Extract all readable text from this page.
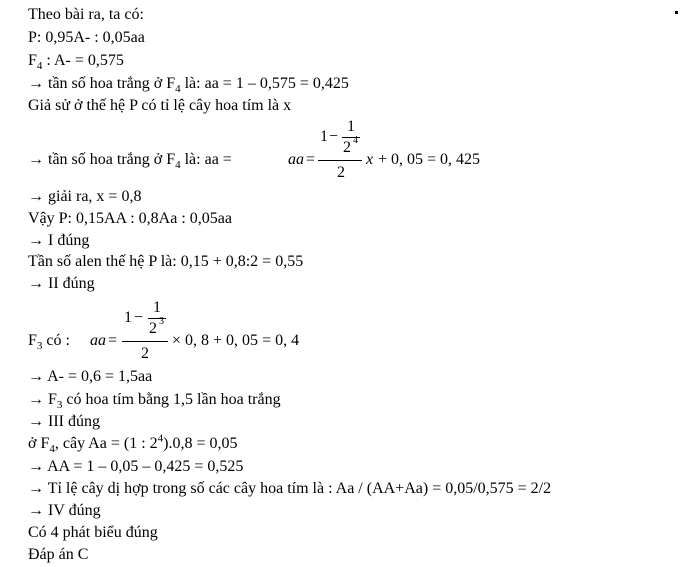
Theo bài ra, ta có:
P: 0,95A- : 0,05aa
$F_4$ : A- = 0,575
→ tần số hoa trắng ở $F_4$ là: aa = 1 – 0,575 = 0,425
Giả sử ở thế hệ P có tỉ lệ cây hoa tím là x
→ tần số hoa trắng ở $F_4$ là: aa =	aa =
1 −
1
2 4
2
x + 0, 05 = 0, 425
→ giải ra, x = 0,8
Vậy P: 0,15AA : 0,8Aa : 0,05aa
→ I đúng
Tần số alen thế hệ P là: 0,15 + 0,8:2 = 0,55
→ II đúng
$F_3$ có : aa =
1 −
1
2 3
2
× 0, 8 + 0, 05 = 0, 4
→ A- = 0,6 = 1,5aa
→ $F_3$ có hoa tím bằng 1,5 lần hoa trắng
→ III đúng
ở $F_4$, cây Aa = (1 : $2^4).0,8 = 0,05$
→ AA = 1 – 0,05 – 0,425 = 0,525
→ Tỉ lệ cây dị hợp trong số các cây hoa tím là : Aa / (AA+Aa) = 0,05/0,575 = 2/2
→ IV đúng
Có 4 phát biểu đúng
Đáp án C
